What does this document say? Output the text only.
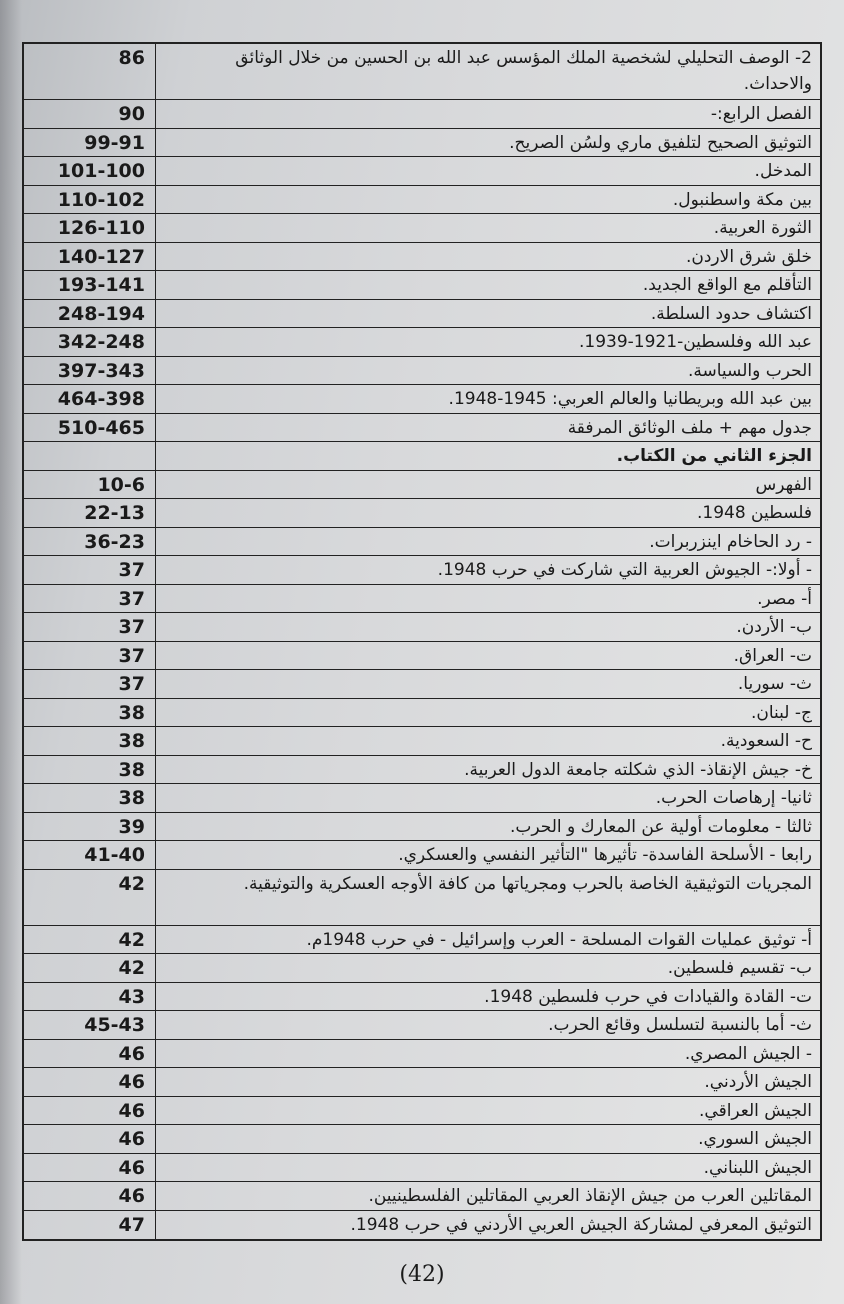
86	2- الوصف التحليلي لشخصية الملك المؤسس عبد الله بن الحسين من خلال الوثائق والاحداث.
90	الفصل الرابع:-
99-91	التوثيق الصحيح لتلفيق ماري ولسُن الصريح.
101-100	المدخل.
110-102	بين مكة واسطنبول.
126-110	الثورة العربية.
140-127	خلق شرق الاردن.
193-141	التأقلم مع الواقع الجديد.
248-194	اكتشاف حدود السلطة.
342-248	عبد الله وفلسطين-1921-1939.
397-343	الحرب والسياسة.
464-398	بين عبد الله وبريطانيا والعالم العربي: 1945-1948.
510-465	جدول مهم + ملف الوثائق المرفقة
الجزء الثاني من الكتاب.
10-6	الفهرس
22-13	فلسطين 1948.
36-23	- رد الحاخام اينزربرات.
37	- أولا:- الجيوش العربية التي شاركت في حرب 1948.
37	أ- مصر.
37	ب- الأردن.
37	ت- العراق.
37	ث- سوريا.
38	ج- لبنان.
38	ح- السعودية.
38	خ- جيش الإنقاذ- الذي شكلته جامعة الدول العربية.
38	ثانيا- إرهاصات الحرب.
39	ثالثا - معلومات أولية عن المعارك و الحرب.
41-40	رابعا - الأسلحة الفاسدة- تأثيرها "التأثير النفسي والعسكري.
42	المجريات التوثيقية الخاصة بالحرب ومجرياتها من كافة الأوجه العسكرية والتوثيقية.
42	أ- توثيق عمليات القوات المسلحة - العرب وإسرائيل - في حرب 1948م.
42	ب- تقسيم فلسطين.
43	ت- القادة والقيادات في حرب فلسطين 1948.
45-43	ث- أما بالنسبة لتسلسل وقائع الحرب.
46	- الجيش المصري.
46	الجيش الأردني.
46	الجيش العراقي.
46	الجيش السوري.
46	الجيش اللبناني.
46	المقاتلين العرب من جيش الإنقاذ العربي المقاتلين الفلسطينيين.
47	التوثيق المعرفي لمشاركة الجيش العربي الأردني في حرب 1948.
(42)
